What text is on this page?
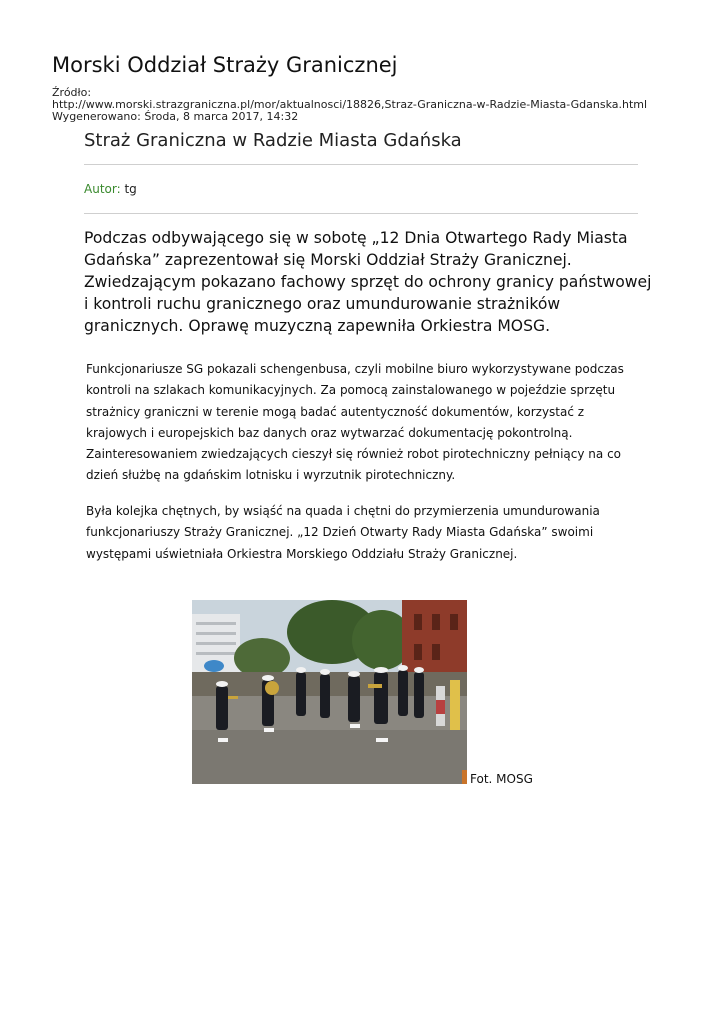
Morski Oddział Straży Granicznej
Źródło:
http://www.morski.strazgraniczna.pl/mor/aktualnosci/18826,Straz-Graniczna-w-Radzie-Miasta-Gdanska.html
Wygenerowano: Środa, 8 marca 2017, 14:32
Straż Graniczna w Radzie Miasta Gdańska
Autor: tg
Podczas odbywającego się w sobotę „12 Dnia Otwartego Rady Miasta
Gdańska” zaprezentował się Morski Oddział Straży Granicznej.
Zwiedzającym pokazano fachowy sprzęt do ochrony granicy państwowej
i kontroli ruchu granicznego oraz umundurowanie strażników
granicznych. Oprawę muzyczną zapewniła Orkiestra MOSG.
Funkcjonariusze SG pokazali schengenbusa, czyli mobilne biuro wykorzystywane podczas
kontroli na szlakach komunikacyjnych. Za pomocą zainstalowanego w pojeździe sprzętu
strażnicy graniczni w terenie mogą badać autentyczność dokumentów, korzystać z
krajowych i europejskich baz danych oraz wytwarzać dokumentację pokontrolną.
Zainteresowaniem zwiedzających cieszył się również robot pirotechniczny pełniący na co
dzień służbę na gdańskim lotnisku i wyrzutnik pirotechniczny.
Była kolejka chętnych, by wsiąść na quada i chętni do przymierzenia umundurowania
funkcjonariuszy Straży Granicznej. „12 Dzień Otwarty Rady Miasta Gdańska” swoimi
występami uświetniała Orkiestra Morskiego Oddziału Straży Granicznej.
Fot. MOSG
